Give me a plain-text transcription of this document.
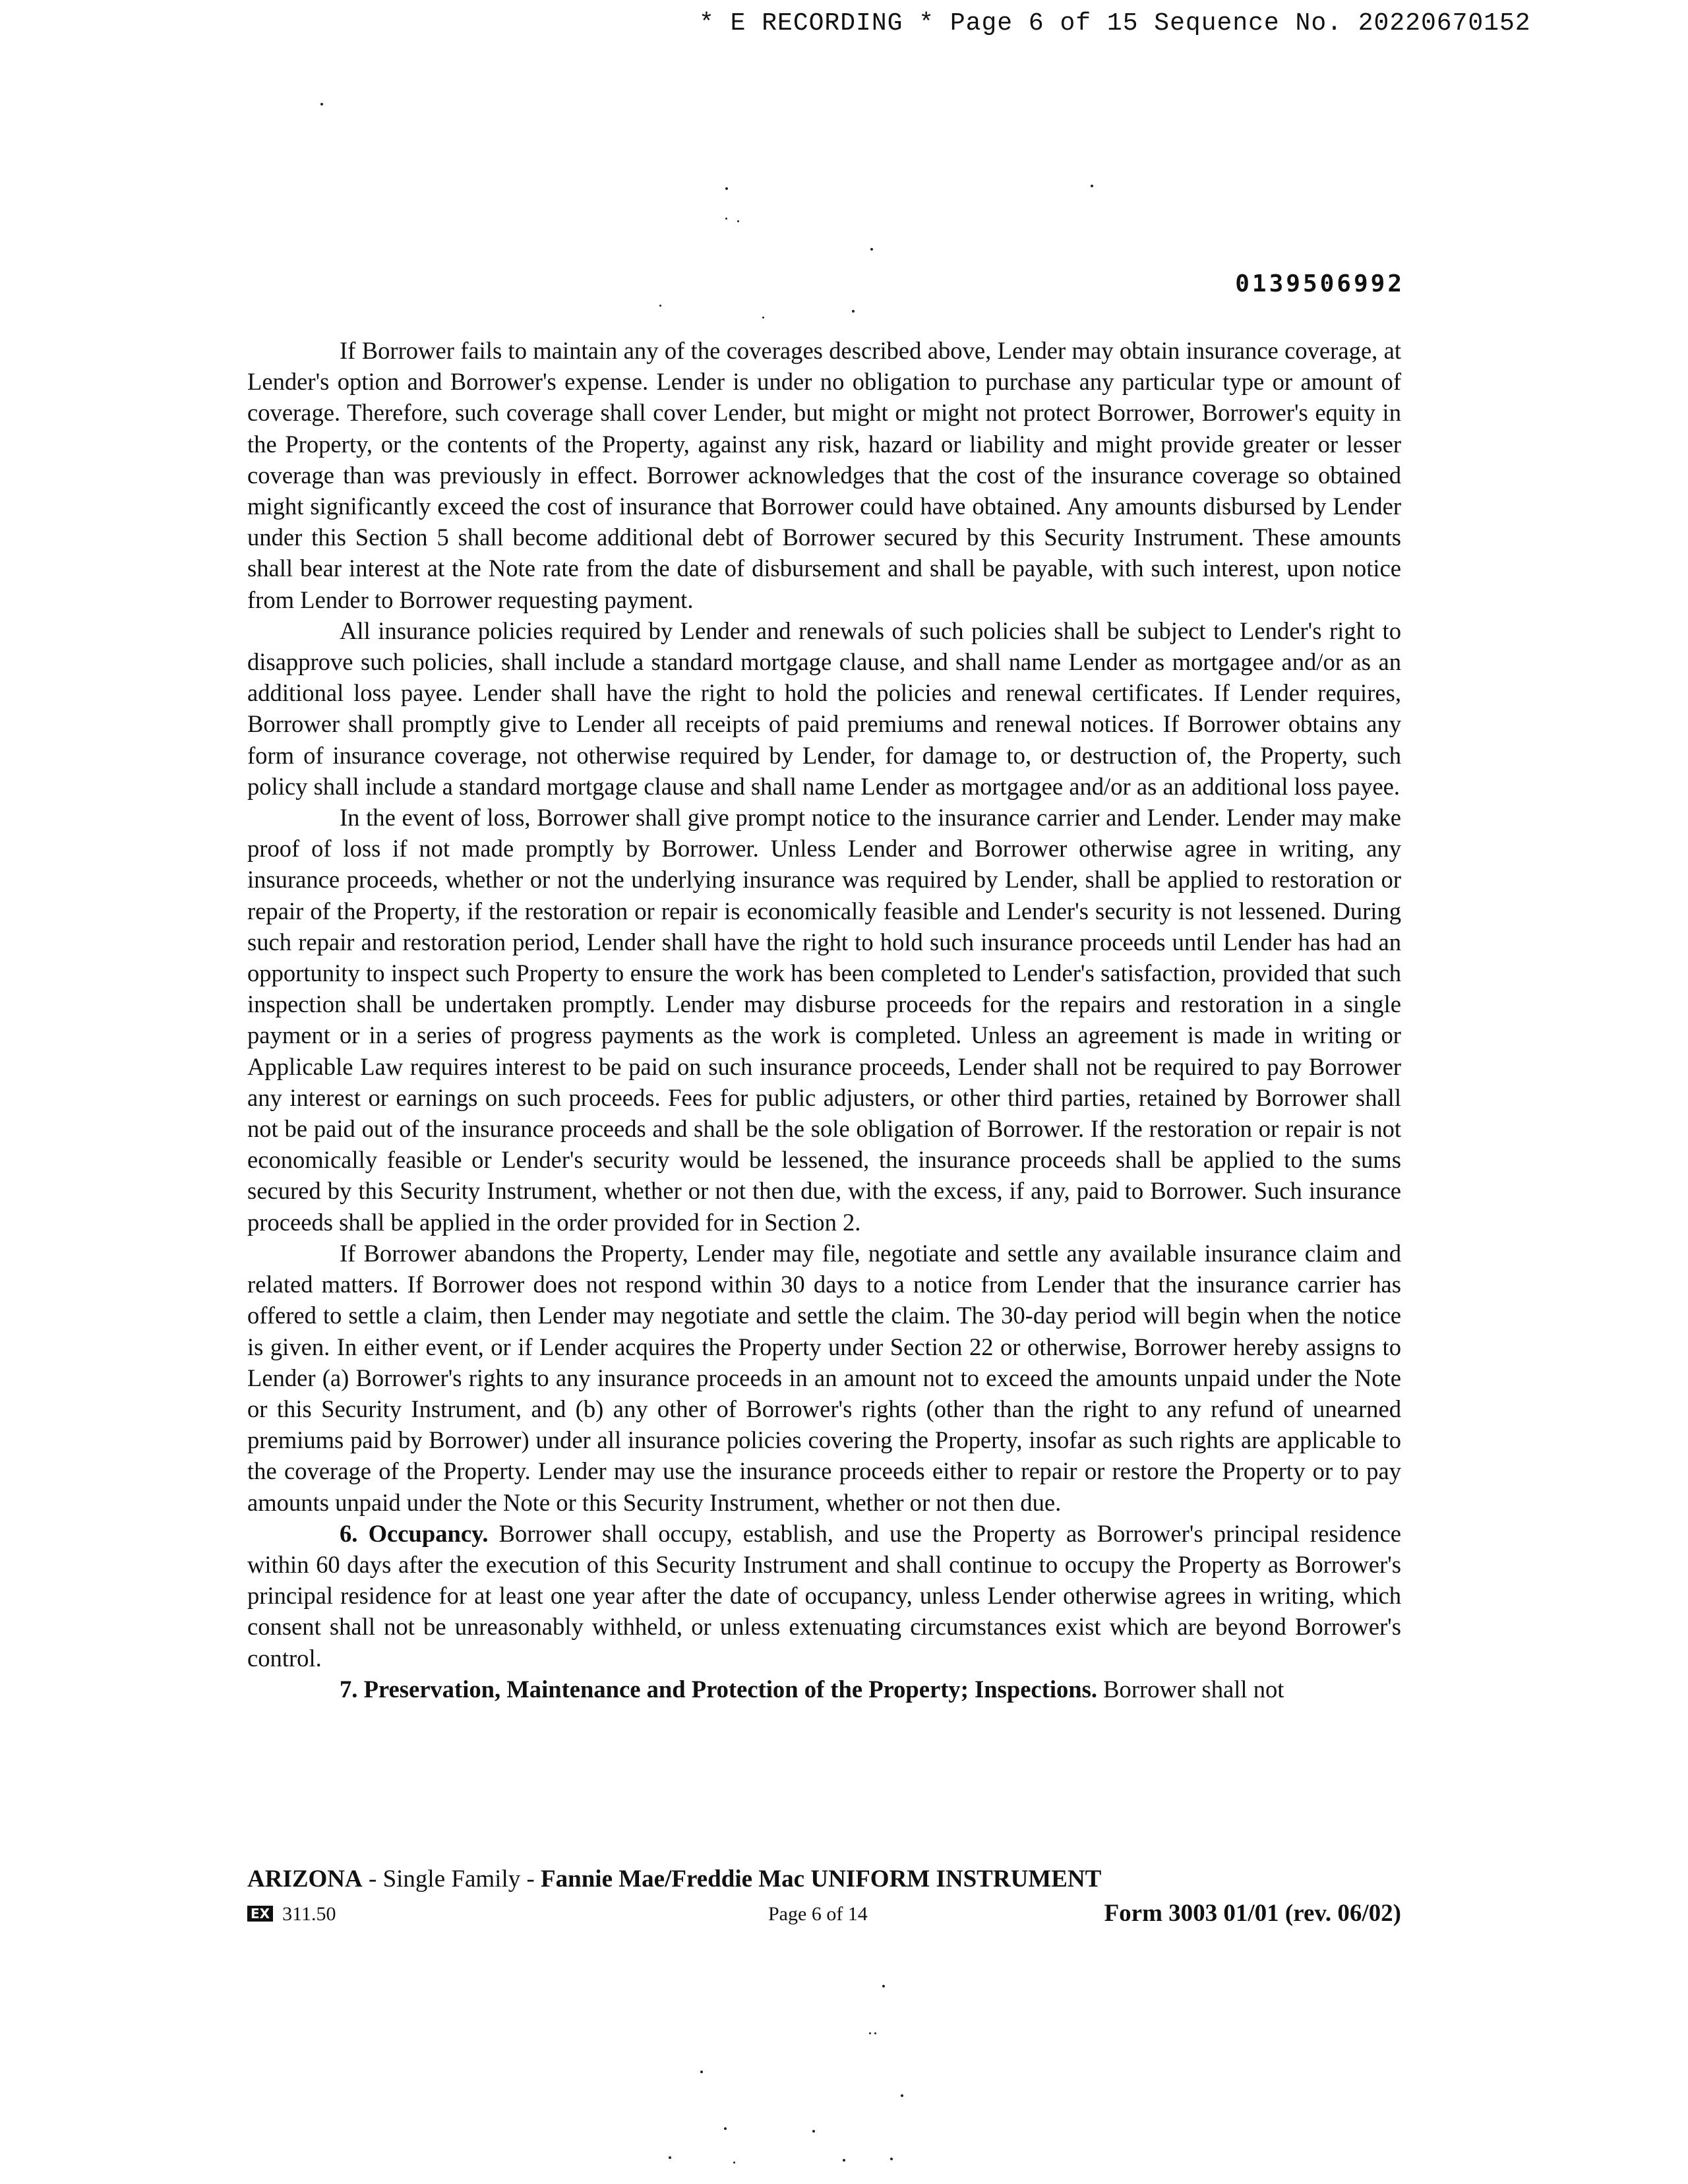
* E RECORDING * Page 6 of 15 Sequence No. 20220670152
0139506992

If Borrower fails to maintain any of the coverages described above, Lender may obtain insurance coverage, at Lender's option and Borrower's expense. Lender is under no obligation to purchase any particular type or amount of coverage. Therefore, such coverage shall cover Lender, but might or might not protect Borrower, Borrower's equity in the Property, or the contents of the Property, against any risk, hazard or liability and might provide greater or lesser coverage than was previously in effect. Borrower acknowledges that the cost of the insurance coverage so obtained might significantly exceed the cost of insurance that Borrower could have obtained. Any amounts disbursed by Lender under this Section 5 shall become additional debt of Borrower secured by this Security Instrument. These amounts shall bear interest at the Note rate from the date of disbursement and shall be payable, with such interest, upon notice from Lender to Borrower requesting payment.

All insurance policies required by Lender and renewals of such policies shall be subject to Lender's right to disapprove such policies, shall include a standard mortgage clause, and shall name Lender as mortgagee and/or as an additional loss payee. Lender shall have the right to hold the policies and renewal certificates. If Lender requires, Borrower shall promptly give to Lender all receipts of paid premiums and renewal notices. If Borrower obtains any form of insurance coverage, not otherwise required by Lender, for damage to, or destruction of, the Property, such policy shall include a standard mortgage clause and shall name Lender as mortgagee and/or as an additional loss payee.

In the event of loss, Borrower shall give prompt notice to the insurance carrier and Lender. Lender may make proof of loss if not made promptly by Borrower. Unless Lender and Borrower otherwise agree in writing, any insurance proceeds, whether or not the underlying insurance was required by Lender, shall be applied to restoration or repair of the Property, if the restoration or repair is economically feasible and Lender's security is not lessened. During such repair and restoration period, Lender shall have the right to hold such insurance proceeds until Lender has had an opportunity to inspect such Property to ensure the work has been completed to Lender's satisfaction, provided that such inspection shall be undertaken promptly. Lender may disburse proceeds for the repairs and restoration in a single payment or in a series of progress payments as the work is completed. Unless an agreement is made in writing or Applicable Law requires interest to be paid on such insurance proceeds, Lender shall not be required to pay Borrower any interest or earnings on such proceeds. Fees for public adjusters, or other third parties, retained by Borrower shall not be paid out of the insurance proceeds and shall be the sole obligation of Borrower. If the restoration or repair is not economically feasible or Lender's security would be lessened, the insurance proceeds shall be applied to the sums secured by this Security Instrument, whether or not then due, with the excess, if any, paid to Borrower. Such insurance proceeds shall be applied in the order provided for in Section 2.

If Borrower abandons the Property, Lender may file, negotiate and settle any available insurance claim and related matters. If Borrower does not respond within 30 days to a notice from Lender that the insurance carrier has offered to settle a claim, then Lender may negotiate and settle the claim. The 30-day period will begin when the notice is given. In either event, or if Lender acquires the Property under Section 22 or otherwise, Borrower hereby assigns to Lender (a) Borrower's rights to any insurance proceeds in an amount not to exceed the amounts unpaid under the Note or this Security Instrument, and (b) any other of Borrower's rights (other than the right to any refund of unearned premiums paid by Borrower) under all insurance policies covering the Property, insofar as such rights are applicable to the coverage of the Property. Lender may use the insurance proceeds either to repair or restore the Property or to pay amounts unpaid under the Note or this Security Instrument, whether or not then due.

6. Occupancy. Borrower shall occupy, establish, and use the Property as Borrower's principal residence within 60 days after the execution of this Security Instrument and shall continue to occupy the Property as Borrower's principal residence for at least one year after the date of occupancy, unless Lender otherwise agrees in writing, which consent shall not be unreasonably withheld, or unless extenuating circumstances exist which are beyond Borrower's control.

7. Preservation, Maintenance and Protection of the Property; Inspections. Borrower shall not

ARIZONA - Single Family - Fannie Mae/Freddie Mac UNIFORM INSTRUMENT
EX 311.50	Page 6 of 14	Form 3003 01/01 (rev. 06/02)
